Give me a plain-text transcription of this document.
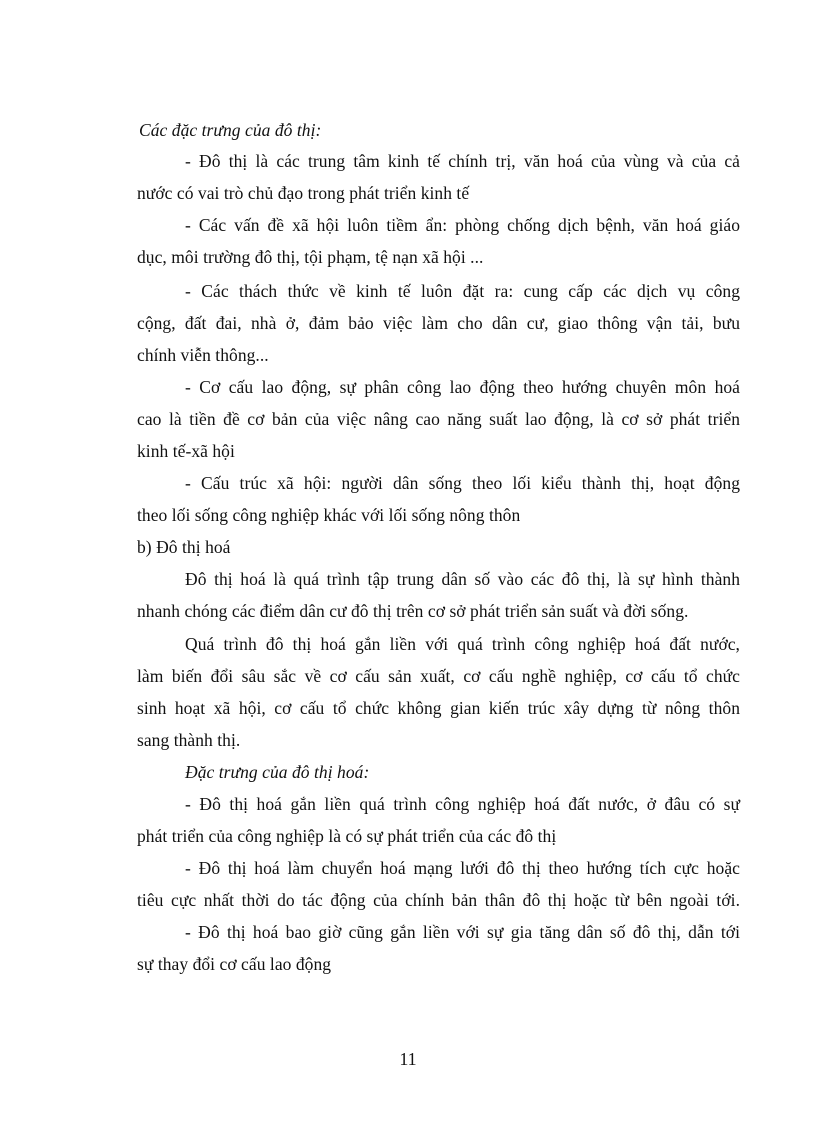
Các đặc trưng của đô thị:
- Đô thị là các trung tâm kinh tế chính trị, văn hoá của vùng và của cả
nước có vai trò chủ đạo trong phát triển kinh tế
- Các vấn đề xã hội luôn tiềm ẩn: phòng chống dịch bệnh, văn hoá giáo
dục, môi trường đô thị, tội phạm, tệ nạn xã hội ...
- Các thách thức về kinh tế luôn đặt ra: cung cấp các dịch vụ công
cộng, đất đai, nhà ở, đảm bảo việc làm cho dân cư, giao thông vận tải, bưu
chính viễn thông...
- Cơ cấu lao động, sự phân công lao động theo hướng chuyên môn hoá
cao là tiền đề cơ bản của việc nâng cao năng suất lao động, là cơ sở phát triển
kinh tế-xã hội
- Cấu trúc xã hội: người dân sống theo lối kiểu thành thị, hoạt động
theo lối sống công nghiệp khác với lối sống nông thôn
b) Đô thị hoá
Đô thị hoá là quá trình tập trung dân số vào các đô thị, là sự hình thành
nhanh chóng các điểm dân cư đô thị trên cơ sở phát triển sản suất và đời sống.
Quá trình đô thị hoá gắn liền với quá trình công nghiệp hoá đất nước,
làm biến đổi sâu sắc về cơ cấu sản xuất, cơ cấu nghề nghiệp, cơ cấu tổ chức
sinh hoạt xã hội, cơ cấu tổ chức không gian kiến trúc xây dựng từ nông thôn
sang thành thị.
Đặc trưng của đô thị hoá:
- Đô thị hoá gắn liền quá trình công nghiệp hoá đất nước, ở đâu có sự
phát triển của công nghiệp là có sự phát triển của các đô thị
- Đô thị hoá làm chuyển hoá mạng lưới đô thị theo hướng tích cực hoặc
tiêu cực nhất thời do tác động của chính bản thân đô thị hoặc từ bên ngoài tới.
- Đô thị hoá bao giờ cũng gắn liền với sự gia tăng dân số đô thị, dẫn tới
sự thay đổi cơ cấu lao động
11
